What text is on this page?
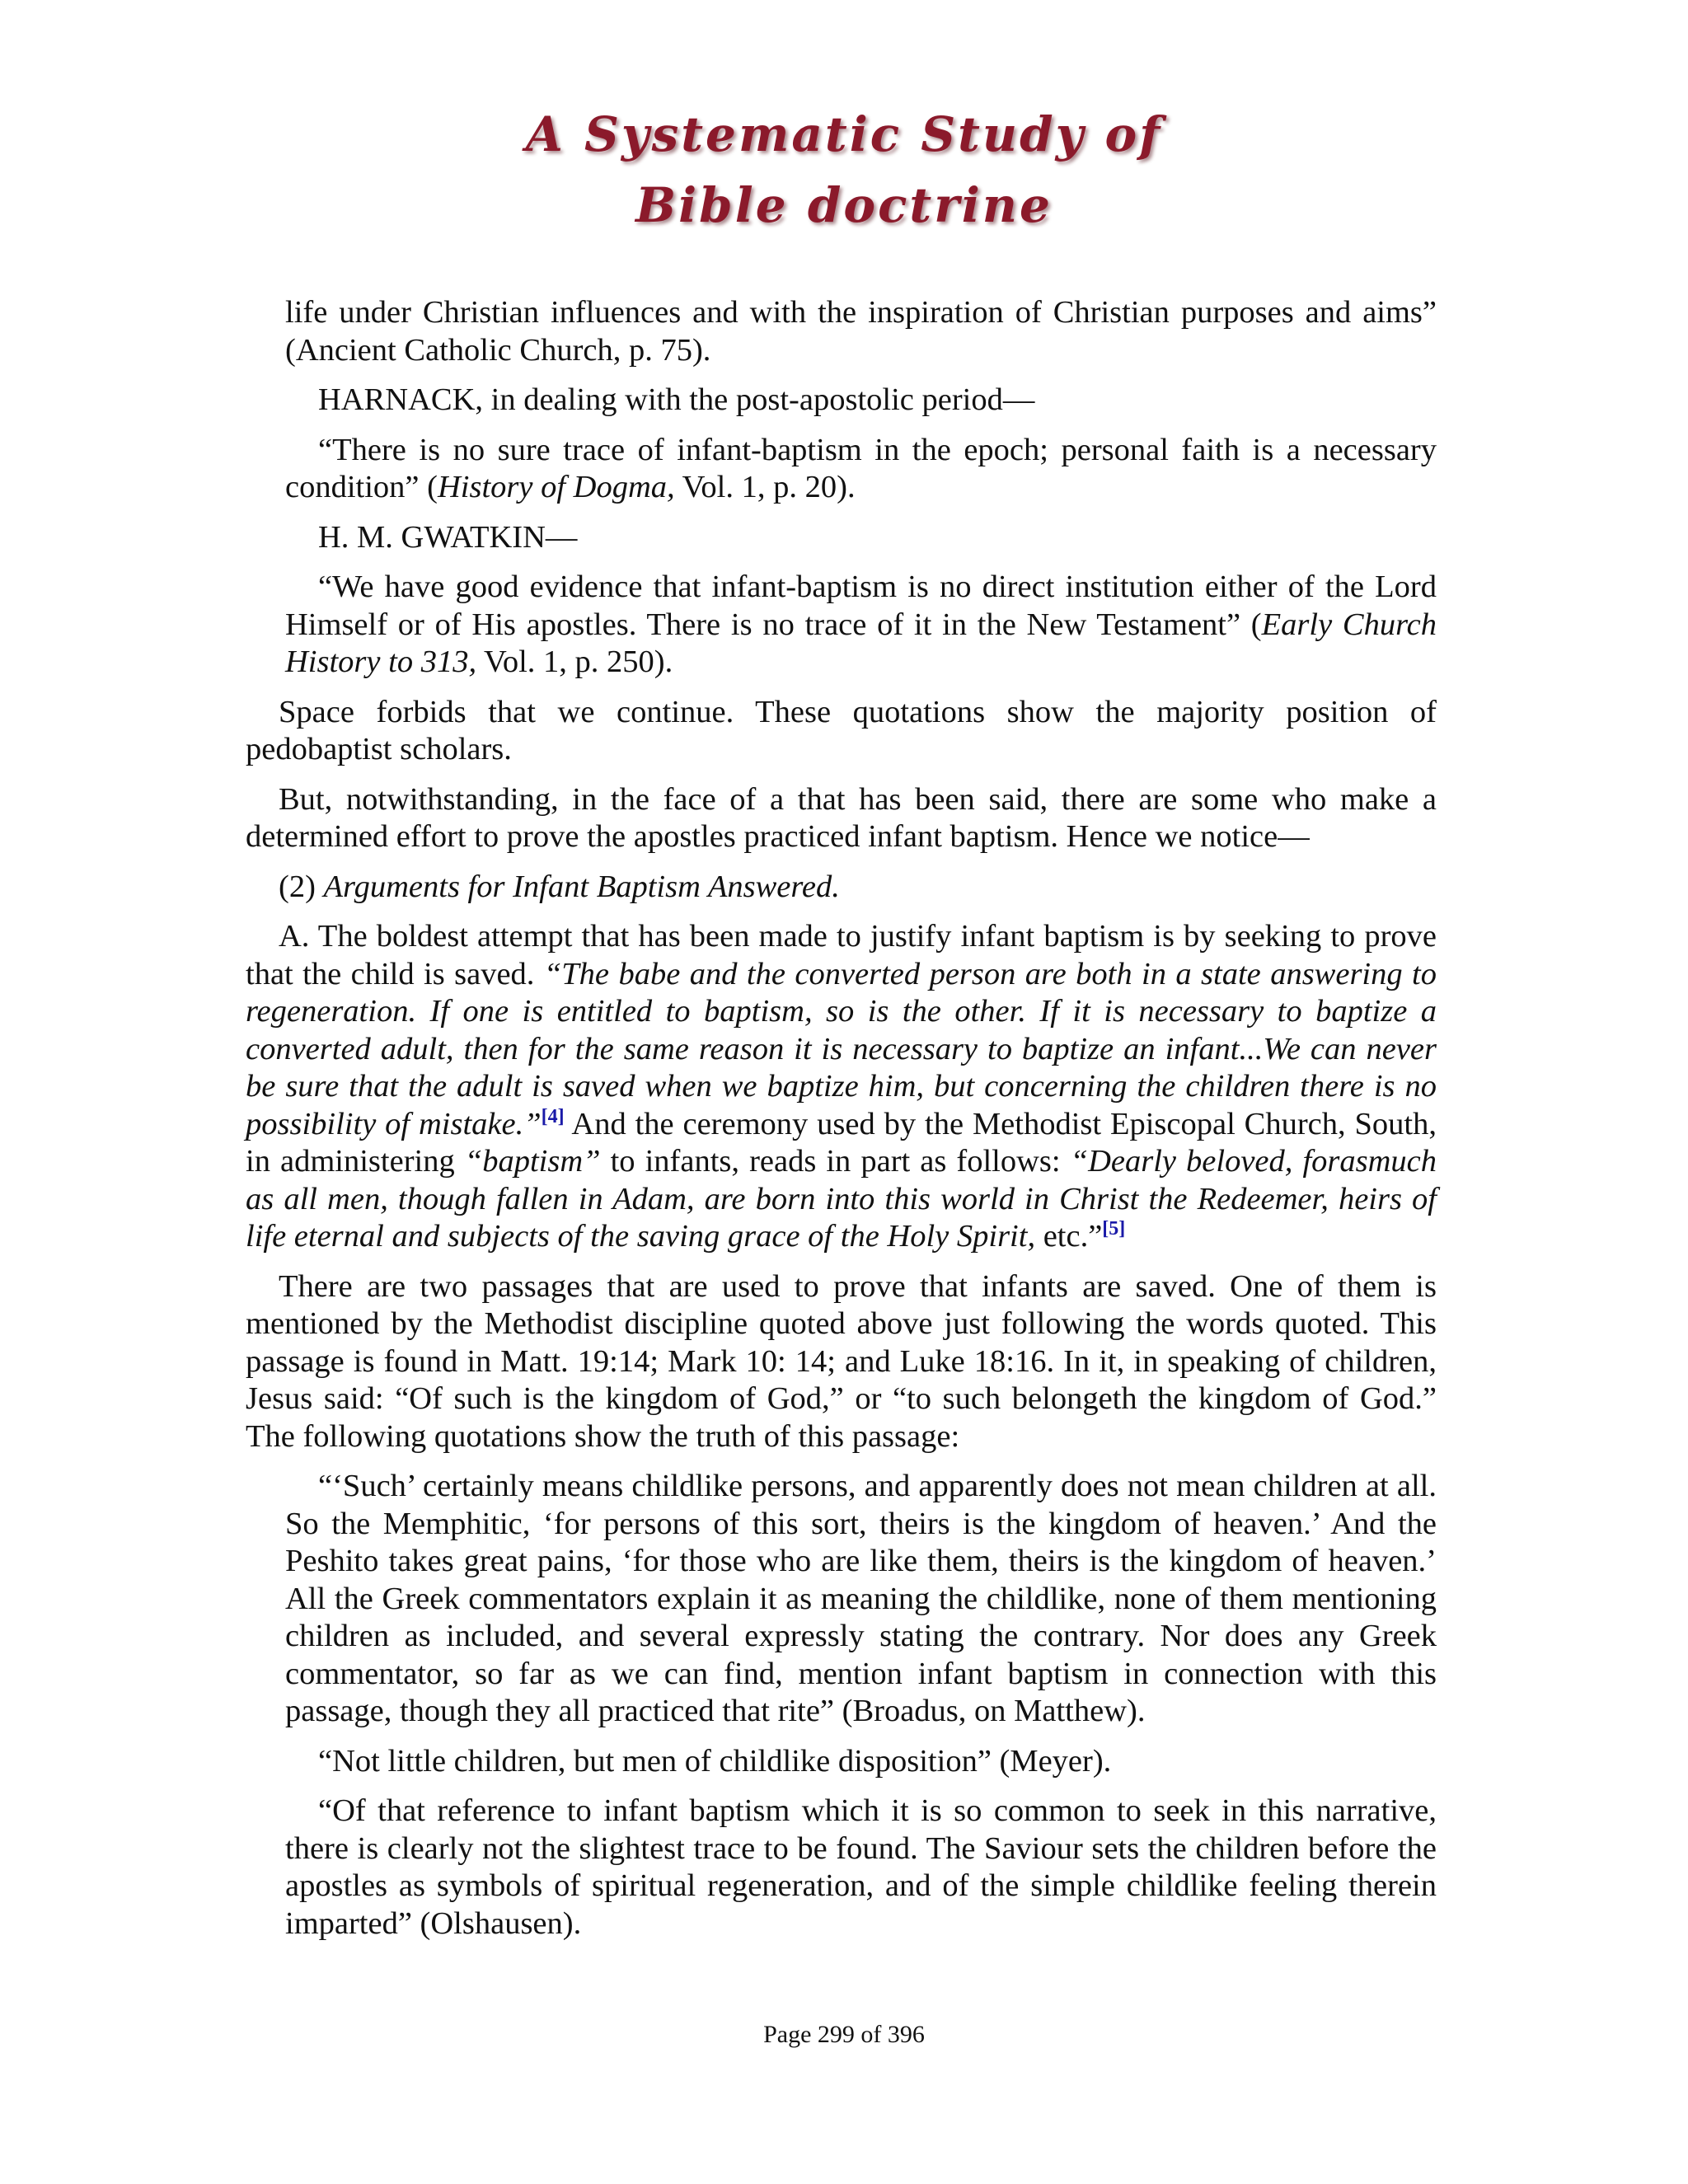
A Systematic Study of
Bible doctrine

life under Christian influences and with the inspiration of Christian purposes and aims” (Ancient Catholic Church, p. 75).

HARNACK, in dealing with the post-apostolic period—

“There is no sure trace of infant-baptism in the epoch; personal faith is a necessary condition” (History of Dogma, Vol. 1, p. 20).

H. M. GWATKIN—

“We have good evidence that infant-baptism is no direct institution either of the Lord Himself or of His apostles. There is no trace of it in the New Testament” (Early Church History to 313, Vol. 1, p. 250).

Space forbids that we continue. These quotations show the majority position of pedobaptist scholars.

But, notwithstanding, in the face of a that has been said, there are some who make a determined effort to prove the apostles practiced infant baptism. Hence we notice—

(2) Arguments for Infant Baptism Answered.

A. The boldest attempt that has been made to justify infant baptism is by seeking to prove that the child is saved. “The babe and the converted person are both in a state answering to regeneration. If one is entitled to baptism, so is the other. If it is necessary to baptize a converted adult, then for the same reason it is necessary to baptize an infant...We can never be sure that the adult is saved when we baptize him, but concerning the children there is no possibility of mistake.”[4] And the ceremony used by the Methodist Episcopal Church, South, in administering “baptism” to infants, reads in part as follows: “Dearly beloved, forasmuch as all men, though fallen in Adam, are born into this world in Christ the Redeemer, heirs of life eternal and subjects of the saving grace of the Holy Spirit, etc.”[5]

There are two passages that are used to prove that infants are saved. One of them is mentioned by the Methodist discipline quoted above just following the words quoted. This passage is found in Matt. 19:14; Mark 10: 14; and Luke 18:16. In it, in speaking of children, Jesus said: “Of such is the kingdom of God,” or “to such belongeth the kingdom of God.” The following quotations show the truth of this passage:

“‘Such’ certainly means childlike persons, and apparently does not mean children at all. So the Memphitic, ‘for persons of this sort, theirs is the kingdom of heaven.’ And the Peshito takes great pains, ‘for those who are like them, theirs is the kingdom of heaven.’ All the Greek commentators explain it as meaning the childlike, none of them mentioning children as included, and several expressly stating the contrary. Nor does any Greek commentator, so far as we can find, mention infant baptism in connection with this passage, though they all practiced that rite” (Broadus, on Matthew).

“Not little children, but men of childlike disposition” (Meyer).

“Of that reference to infant baptism which it is so common to seek in this narrative, there is clearly not the slightest trace to be found. The Saviour sets the children before the apostles as symbols of spiritual regeneration, and of the simple childlike feeling therein imparted” (Olshausen).

Page 299 of 396
